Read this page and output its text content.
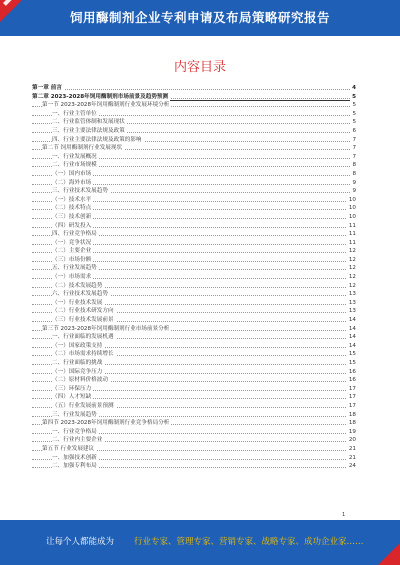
饲用酶制剂企业专利申请及布局策略研究报告
内容目录
第一章 前言	4
第二章 2023-2028年饲用酶制剂市场前景及趋势预测	5
第一节 2023-2028年饲用酶制剂行业发展环境分析	5
一、行业主管单位	5
二、行业监管体制和发展现状	5
三、行业主要法律法规及政策	6
四、行业主要法律法规及政策的影响	7
第二节 饲用酶制剂行业发展现状	7
一、行业发展概况	7
二、行业市场规模	8
（一）国内市场	8
（二）海外市场	9
三、行业技术发展趋势	9
（一）技术水平	10
（二）技术特点	10
（三）技术创新	10
（四）研发投入	11
四、行业竞争格局	11
（一）竞争状况	11
（二）主要企业	12
（三）市场份额	12
五、行业发展趋势	12
（一）市场需求	12
（二）技术发展趋势	12
六、行业技术发展趋势	13
（一）行业技术发展	13
（二）行业技术研发方向	13
（三）行业技术发展前景	14
第三节 2023-2028年饲用酶制剂行业市场前景分析	14
一、行业面临的发展机遇	14
（一）国家政策支持	14
（二）市场需求持续增长	15
二、行业面临的挑战	15
（一）国际竞争压力	16
（二）原材料价格波动	16
（三）环保压力	17
（四）人才短缺	17
（五）行业发展前景预测	17
三、行业发展趋势	18
第四节 2023-2028年饲用酶制剂行业竞争格局分析	18
一、行业竞争格局	19
二、行业内主要企业	20
第五节 行业发展建议	21
一、加强技术创新	21
二、加强专利布局	24
1
让每个人都能成为 行业专家、管理专家、营销专家、战略专家、成功企业家……
